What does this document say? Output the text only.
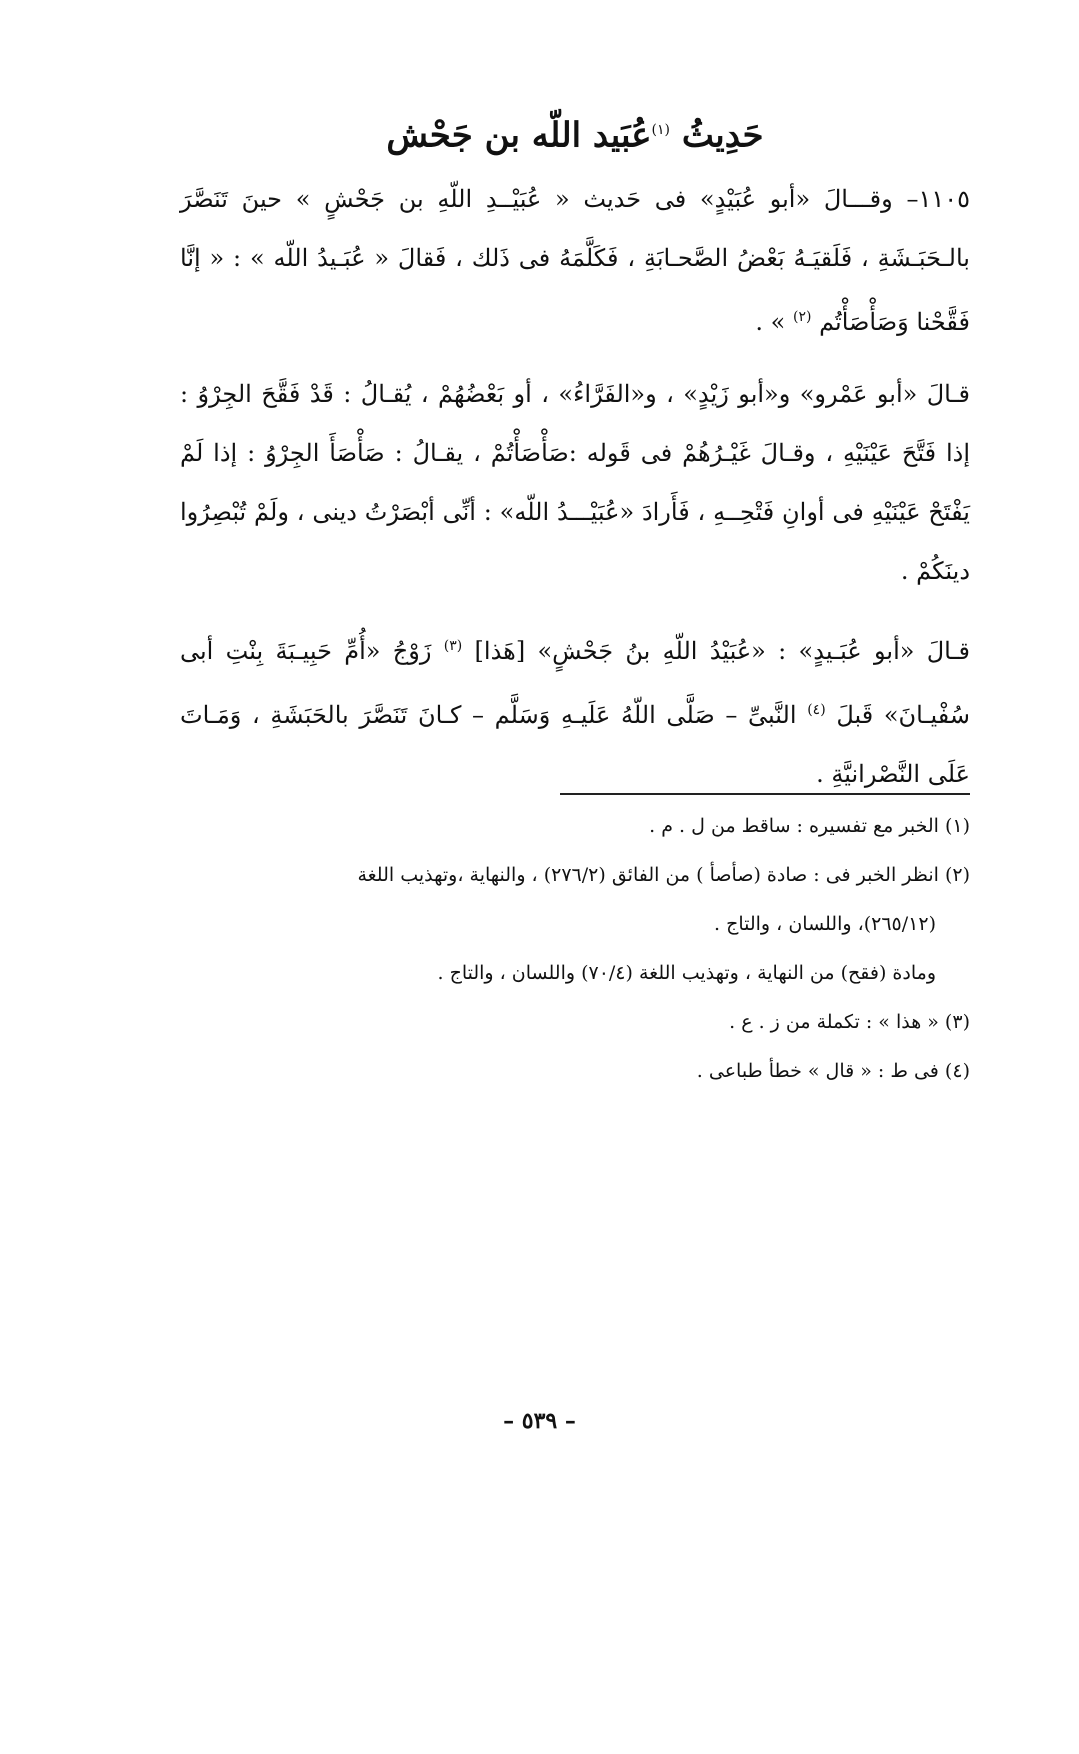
حَدِيثُ $^{(١)}$عُبَيد اللّه بن جَحْش

١١٠٥– وقـــالَ «أبو عُبَيْدٍ» فى حَديث « عُبَيْــدِ اللّهِ بن جَحْشٍ » حينَ تَنَصَّرَ بالـحَبَـشَةِ ، فَلَقيَـهُ بَعْضُ الصَّحـابَةِ ، فَكَلَّمَهُ فى ذَلك ، فَقالَ « عُبَـيدُ اللّه » : « إنَّا فَقَّحْنا وَصَأْصَأْتُم $^{(٢)}$ » .

قـالَ «أبو عَمْرو» و«أبو زَيْدٍ» ، و«الفَرَّاءُ» ، أو بَعْضُهُمْ ، يُقـالُ : قَدْ فَقَّحَ الجِرْوُ : إذا فَتَّحَ عَيْنَيْهِ ، وقـالَ غَيْـرُهُمْ فى قَوله :صَأْصَأْتُمْ ، يقـالُ : صَأْصَأَ الجِرْوُ : إذا لَمْ يَفْتَحْ عَيْنَيْهِ فى أوانِ فَتْحِــهِ ، فَأَرادَ «عُبَيْـــدُ اللّه» : أنِّى أبْصَرْتُ دينى ، ولَمْ تُبْصِرُوا دينَكُمْ .

قـالَ «أبو عُبَـيدٍ» : «عُبَيْدُ اللّهِ بنُ جَحْشٍ» [هَذا] $^{(٣)}$ زَوْجُ «أُمِّ حَبِيـبَةَ بِنْتِ أبى سُفْيـانَ» قَبلَ $^{(٤)}$ النَّبىِّ – صَلَّى اللّهُ عَلَيـهِ وَسَلَّم – كـانَ تَنَصَّرَ بالحَبَشَةِ ، وَمَـاتَ عَلَى النَّصْرانيَّةِ .

(١) الخبر مع تفسيره : ساقط من ل . م .

(٢) انظر الخبر فى : صادة (صأصأ ) من الفائق (٢٧٦/٢) ، والنهاية ،وتهذيب اللغة

(٢٦٥/١٢)، واللسان ، والتاج .

ومادة (فقح) من النهاية ، وتهذيب اللغة (٧٠/٤) واللسان ، والتاج .

(٣) « هذا » : تكملة من ز . ع .

(٤) فى ط : « قال » خطأ طباعى .

– ٥٣٩ –
